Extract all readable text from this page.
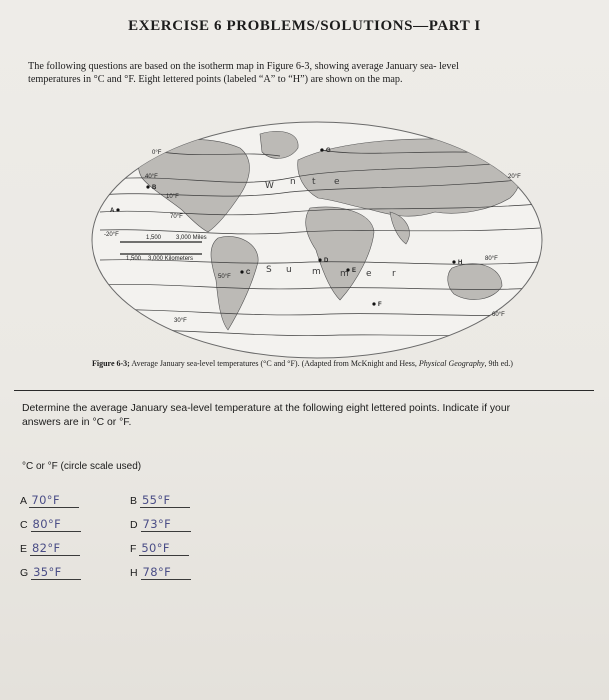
EXERCISE 6 PROBLEMS/SOLUTIONS—PART I
The following questions are based on the isotherm map in Figure 6-3, showing average January sea- level
temperatures in °C and °F. Eight lettered points (labeled “A” to “H”) are shown on the map.
1,500 3,000 Miles
1,500 3,000 Kilometers
0°F
40°F
10°F
70°F
50°F
30°F
20°F
-20°F
80°F
60°F
A
B
C
D
E
F
G
H
W
S u m m e r
n t e
Figure 6-3; Average January sea-level temperatures (°C and °F). (Adapted from McKnight and Hess, Physical Geography, 9th ed.)
Determine the average January sea-level temperature at the following eight lettered points. Indicate if your
answers are in °C or °F.
°C or °F (circle scale used)
A 70°F	B 55°F
C 80°F	D 73°F
E 82°F	F 50°F
G 35°F	H 78°F
